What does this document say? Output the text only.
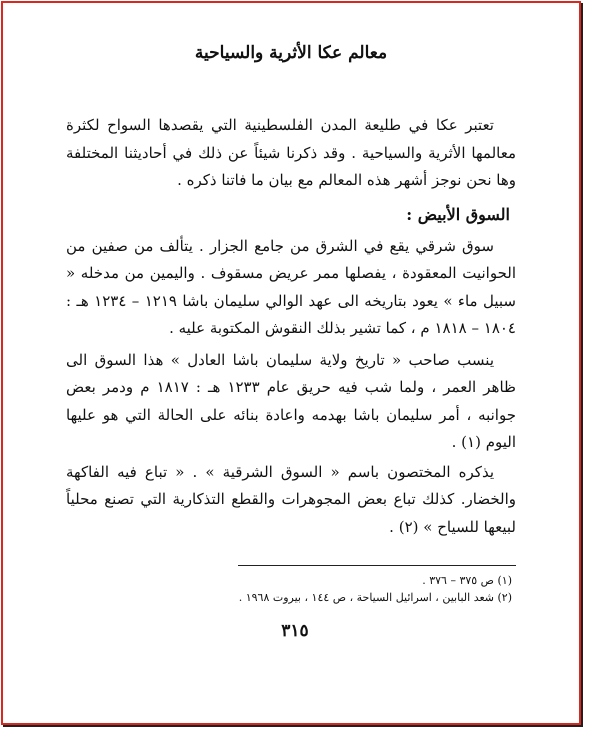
معالم عكا الأثرية والسياحية

تعتبر عكا في طليعة المدن الفلسطينية التي يقصدها السواح لكثرة معالمها الأثرية والسياحية . وقد ذكرنا شيئاً عن ذلك في أحاديثنا المختلفة وها نحن نوجز أشهر هذه المعالم مع بيان ما فاتنا ذكره .

السوق الأبيض :

سوق شرقي يقع في الشرق من جامع الجزار . يتألف من صفين من الحوانيت المعقودة ، يفصلها ممر عريض مسقوف . واليمين من مدخله « سبيل ماء » يعود بتاريخه الى عهد الوالي سليمان باشا ١٢١٩ – ١٢٣٤ هـ : ١٨٠٤ – ١٨١٨ م ، كما تشير بذلك النقوش المكتوبة عليه .

ينسب صاحب « تاريخ ولاية سليمان باشا العادل » هذا السوق الى ظاهر العمر ، ولما شب فيه حريق عام ١٢٣٣ هـ : ١٨١٧ م ودمر بعض جوانبه ، أمر سليمان باشا بهدمه واعادة بنائه على الحالة التي هو عليها اليوم (١) .

يذكره المختصون باسم « السوق الشرقية » . « تباع فيه الفاكهة والخضار. كذلك تباع بعض المجوهرات والقطع التذكارية التي تصنع محلياً لبيعها للسياح » (٢) .

(١) ص ٣٧٥ – ٣٧٦ .

(٢) شعد البابين ، اسرائيل السياحة ، ص ١٤٤ ، بيروت ١٩٦٨ .

٣١٥
